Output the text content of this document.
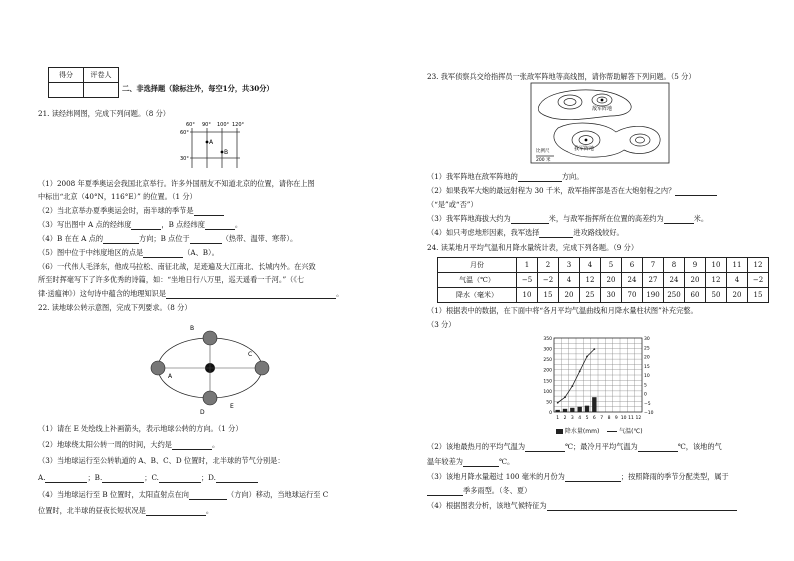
得分	评卷人

二、非选择题（除标注外，每空1分，共30分）
21. 读经纬网图，完成下列问题。（8 分）
60° 90° 100° 120°
60°
30°
A
B
（1）2008 年夏季奥运会我国北京举行。许多外国朋友不知道北京的位置，请你在上图
中标出“北京（40°N，116°E）” 的位置。（1 分）
（2）当北京举办夏季奥运会时，南半球的季节是
（3）写出图中 A 点的经纬度	，B 点经纬度	。
（4）B 在在 A 点的	方向；B 点位于	（热带、温带、寒带）。
（5）图中位于中纬度地区的点是	（A、B）。
（6）一代伟人毛泽东，他成马拉松、南征北战，足迹遍及大江南北、长城内外。在兴致
所至时挥毫写下了许多优秀的诗篇，如：“坐地日行八万里，巡天遥看一千河。”（《七
律·送瘟神》）这句诗中蕴含的地理知识是	。
22. 读地球公转示意图，完成下列要求。（8 分）
A
B
C
D
E
（1）请在 E 处绘线上补画箭头，表示地球公转的方向。（1 分）
（2）地球绕太阳公转一周的时间，大约是	。
（3）当地球运行至公转轨道的 A、B、C、D 位置时，北半球的节气分别是：
A.	；B.	；C.	；D.
（4）当地球运行至 B 位置时，太阳直射点在向	（方向）移动，当地球运行至 C
位置时，北半球的昼夜长短状况是	。
23. 我军侦察兵交给指挥员一张敌军阵地等高线图，请你帮助解答下列问题。（5 分）
我军阵地
敌军阵地
比例尺
200 米
（1）我军阵地在敌军阵地的	方向。
（2）如果我军大炮的最远射程为 30 千米，敌军指挥部是否在大炮射程之内？
（“是”或“否”）
（3）我军阵地海拔大约为	米，与敌军指挥所在位置的高差约为	米。
（4）如只考虑地形因素，我军选择	进攻路线较好。
24. 读某地月平均气温和月降水量统计表，完成下列各题。（9 分）
月份	1	2	3	4	5	6	7	8	9	10	11	12
气温（℃）	−5	−2	4	12	20	24	27	24	20	12	4	−2
降水（毫米）	10	15	20	25	30	70	190	250	60	50	20	15
（1）根据表中的数据，在下面中将“各月平均气温曲线和月降水量柱状图”补充完整。
（3 分）
350
300
250
200
150
100
50
0
30
25
20
15
10
5
0
−5
−10
1 2 3 4 5 6 7 8 9 10 11 12
降水量(mm)	气温(℃)
（2）该地最热月的平均气温为	℃；最冷月平均气温为	℃，该地的气
温年较差为	℃。
（3）该地月降水量超过 100 毫米的月份为	；按照降雨的季节分配类型，属于
季多雨型。（冬、夏）
（4）根据图表分析，该地气候特征为
